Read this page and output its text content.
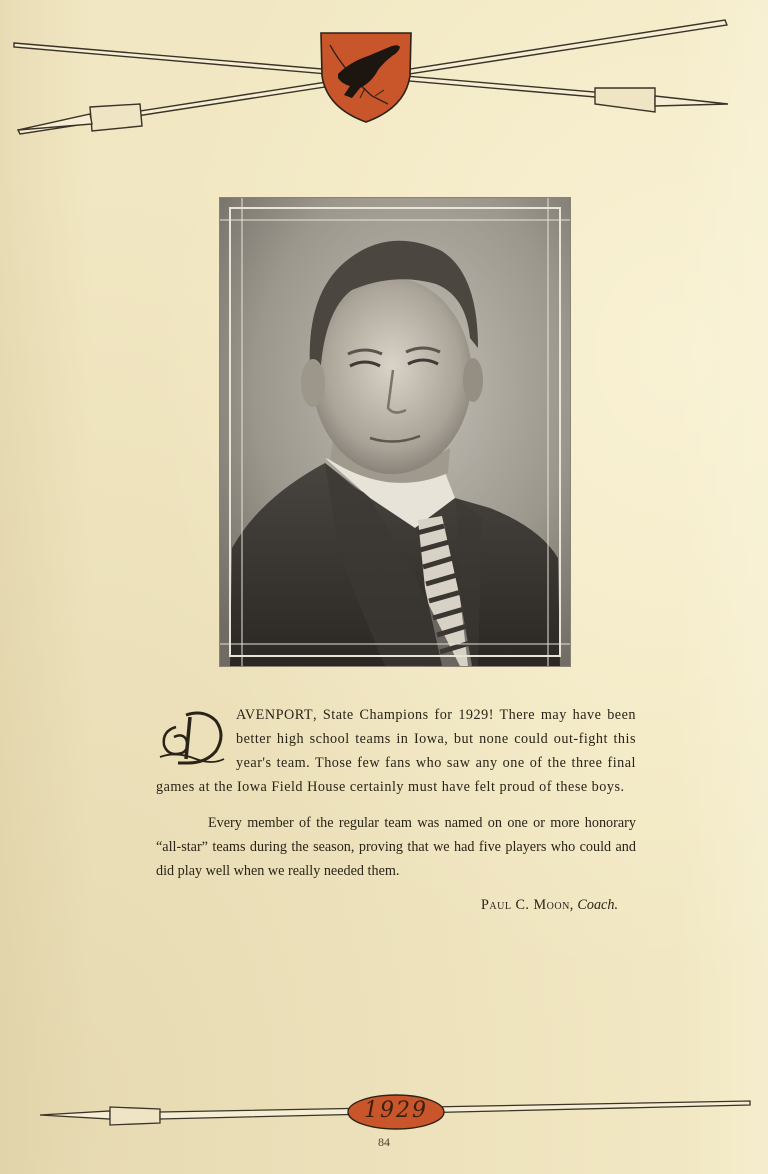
AVENPORT, State Champions for 1929! There may have been better high school teams in Iowa, but none could out-fight this year's team. Those few fans who saw any one of the three final games at the Iowa Field House certainly must have felt proud of these boys.

Every member of the regular team was named on one or more honorary “all-star” teams during the season, proving that we had five players who could and did play well when we really needed them.

Paul C. Moon, Coach.

1929
84
